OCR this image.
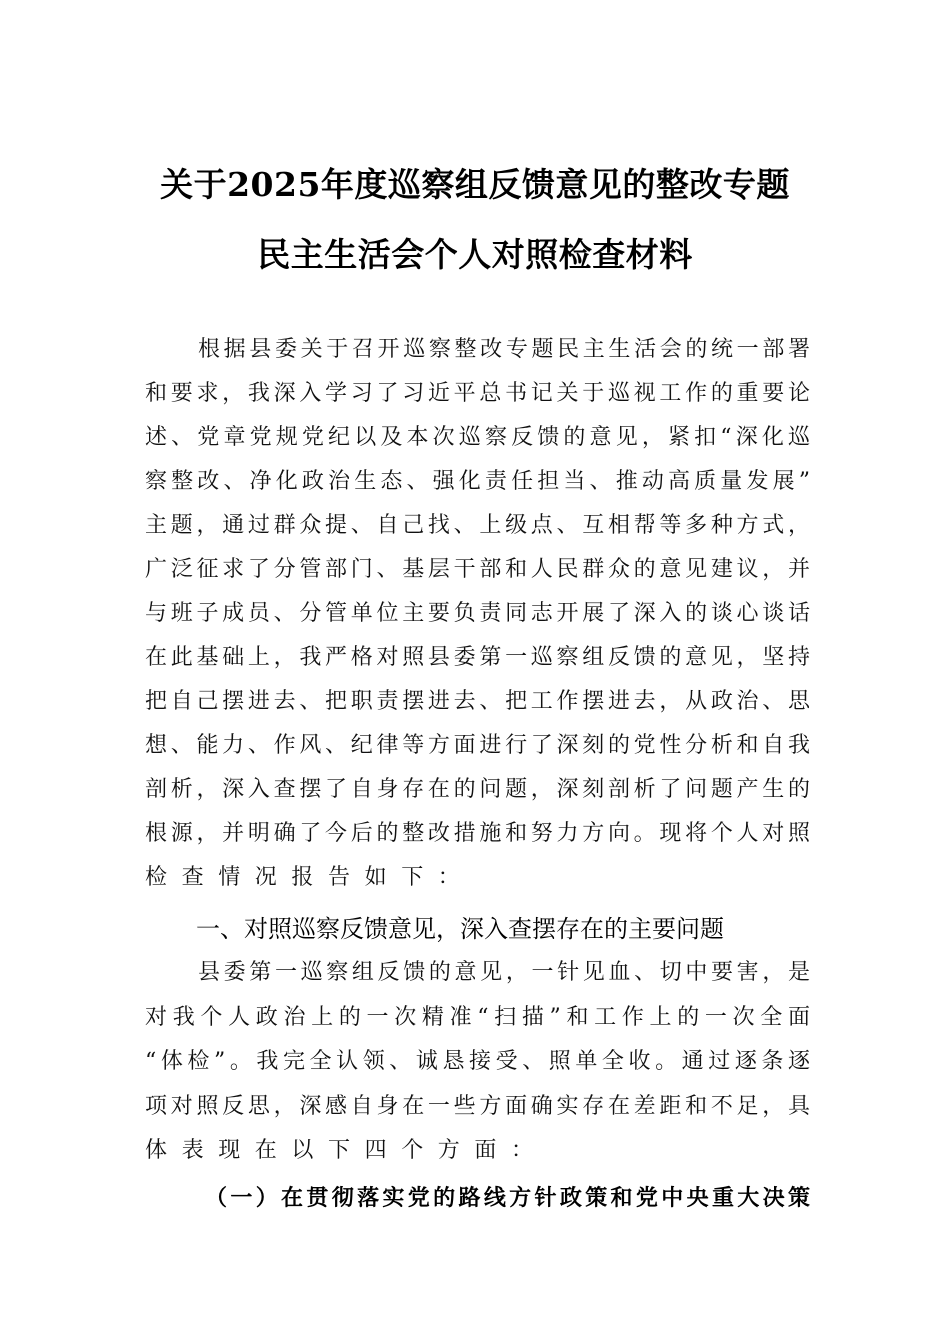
关于2025年度巡察组反馈意见的整改专题
民主生活会个人对照检查材料
根据县委关于召开巡察整改专题民主生活会的统一部署
和要求，我深入学习了习近平总书记关于巡视工作的重要论
述、党章党规党纪以及本次巡察反馈的意见，紧扣“深化巡
察整改、净化政治生态、强化责任担当、推动高质量发展”
主题，通过群众提、自己找、上级点、互相帮等多种方式，
广泛征求了分管部门、基层干部和人民群众的意见建议，并
与班子成员、分管单位主要负责同志开展了深入的谈心谈话
在此基础上，我严格对照县委第一巡察组反馈的意见，坚持
把自己摆进去、把职责摆进去、把工作摆进去，从政治、思
想、能力、作风、纪律等方面进行了深刻的党性分析和自我
剖析，深入查摆了自身存在的问题，深刻剖析了问题产生的
根源，并明确了今后的整改措施和努力方向。现将个人对照
检查情况报告如下：
一、对照巡察反馈意见，深入查摆存在的主要问题
县委第一巡察组反馈的意见，一针见血、切中要害，是
对我个人政治上的一次精准“扫描”和工作上的一次全面
“体检”。我完全认领、诚恳接受、照单全收。通过逐条逐
项对照反思，深感自身在一些方面确实存在差距和不足，具
体表现在以下四个方面：
（一）在贯彻落实党的路线方针政策和党中央重大决策
